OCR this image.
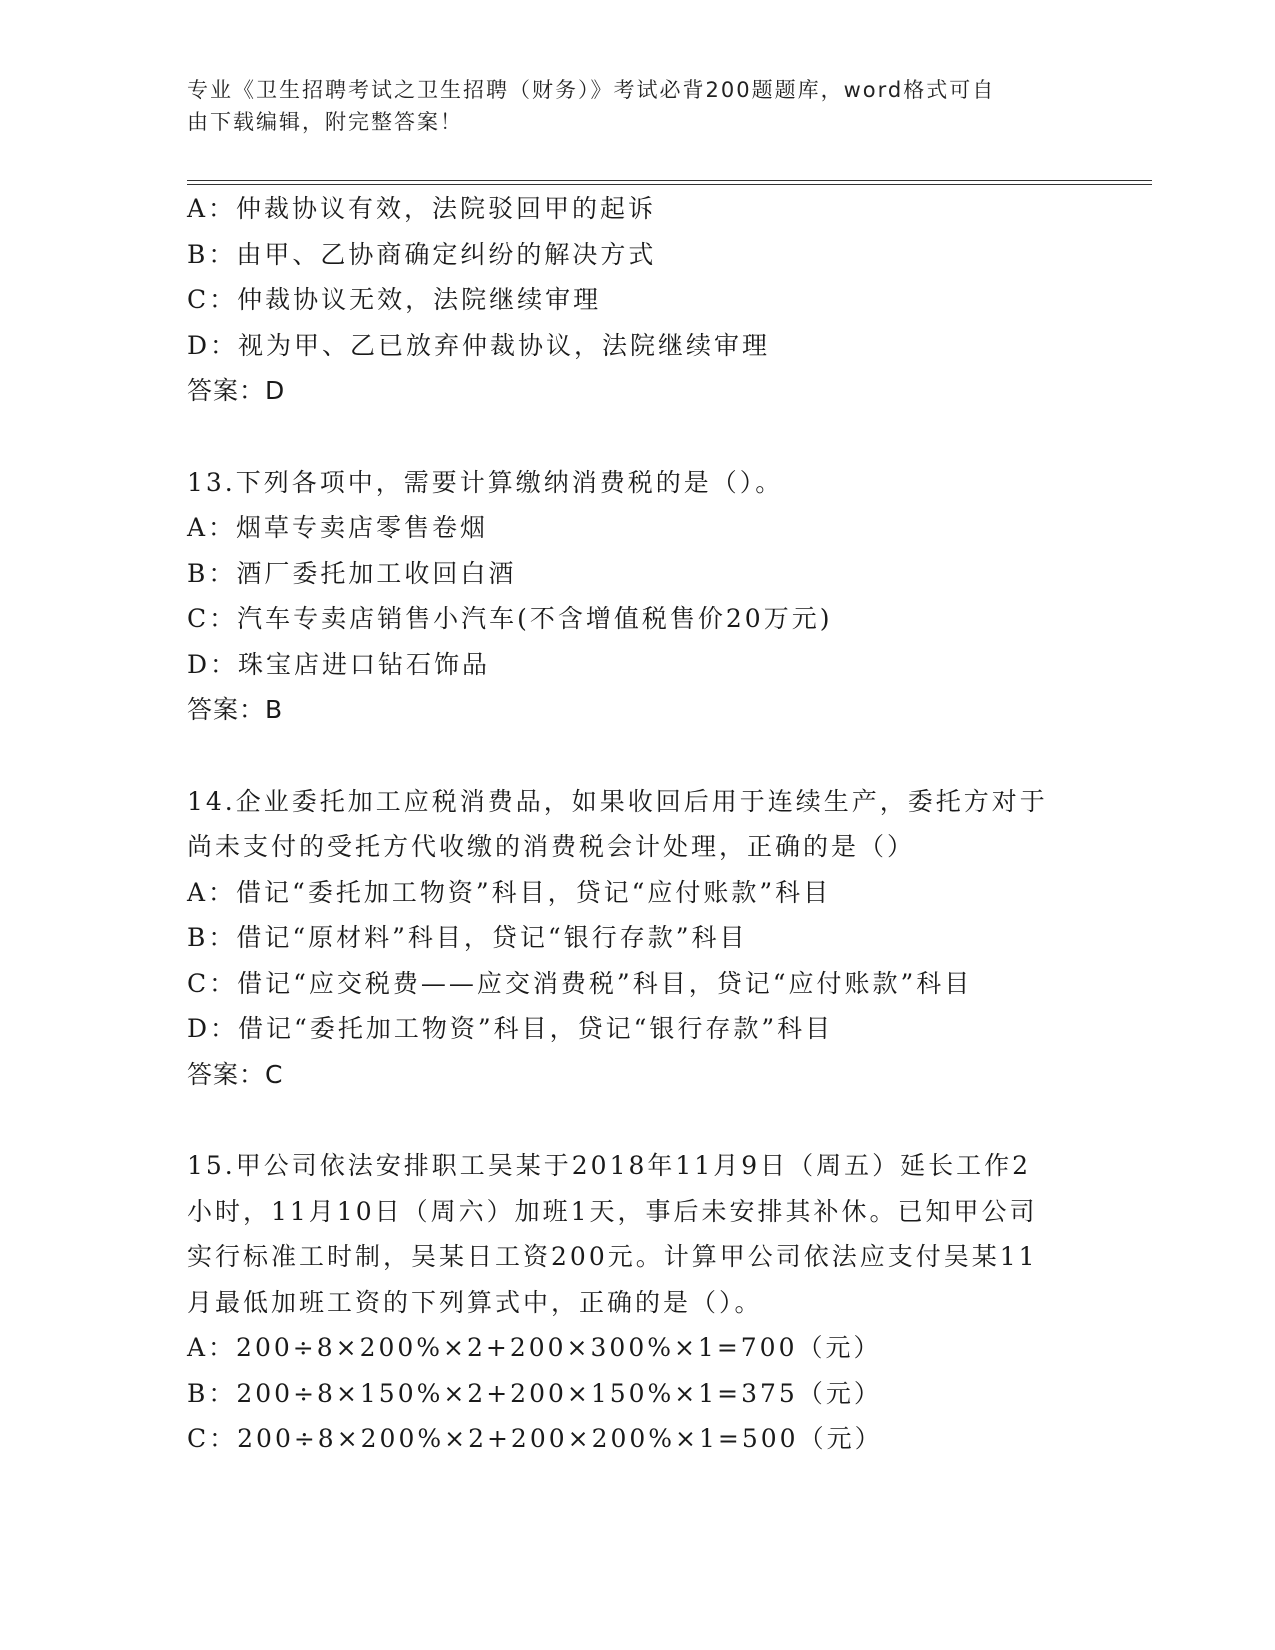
专业《卫生招聘考试之卫生招聘（财务）》考试必背200题题库，word格式可自
由下载编辑，附完整答案！
A：仲裁协议有效，法院驳回甲的起诉
B：由甲、乙协商确定纠纷的解决方式
C：仲裁协议无效，法院继续审理
D：视为甲、乙已放弃仲裁协议，法院继续审理
答案：D
13.下列各项中，需要计算缴纳消费税的是（）。
A：烟草专卖店零售卷烟
B：酒厂委托加工收回白酒
C：汽车专卖店销售小汽车(不含增值税售价20万元)
D：珠宝店进口钻石饰品
答案：B
14.企业委托加工应税消费品，如果收回后用于连续生产，委托方对于
尚未支付的受托方代收缴的消费税会计处理，正确的是（）
A：借记“委托加工物资”科目，贷记“应付账款”科目
B：借记“原材料”科目，贷记“银行存款”科目
C：借记“应交税费——应交消费税”科目，贷记“应付账款”科目
D：借记“委托加工物资”科目，贷记“银行存款”科目
答案：C
15.甲公司依法安排职工吴某于2018年11月9日（周五）延长工作2
小时，11月10日（周六）加班1天，事后未安排其补休。已知甲公司
实行标准工时制，吴某日工资200元。计算甲公司依法应支付吴某11
月最低加班工资的下列算式中，正确的是（）。
A：200÷8×200%×2+200×300%×1=700（元）
B：200÷8×150%×2+200×150%×1=375（元）
C：200÷8×200%×2+200×200%×1=500（元）
